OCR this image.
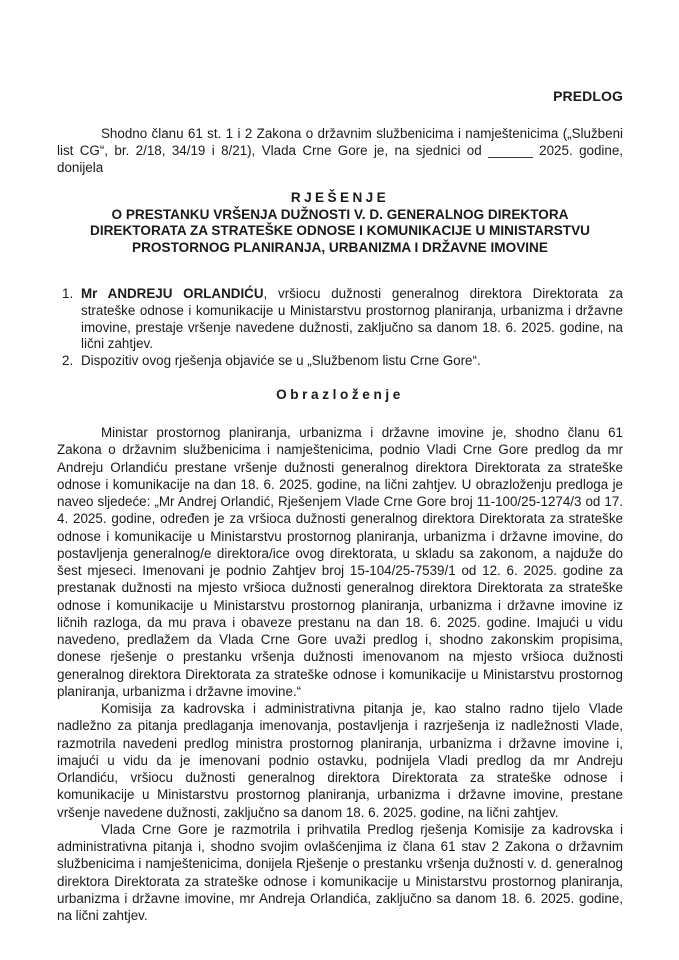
PREDLOG

Shodno članu 61 st. 1 i 2 Zakona o državnim službenicima i namještenicima („Službeni list CG“, br. 2/18, 34/19 i 8/21), Vlada Crne Gore je, na sjednici od ______ 2025. godine, donijela

RJEŠENJE
O PRESTANKU VRŠENJA DUŽNOSTI V. D. GENERALNOG DIREKTORA
DIREKTORATA ZA STRATEŠKE ODNOSE I KOMUNIKACIJE U MINISTARSTVU
PROSTORNOG PLANIRANJA, URBANIZMA I DRŽAVNE IMOVINE
1. Mr ANDREJU ORLANDIĆU, vršiocu dužnosti generalnog direktora Direktorata za strateške odnose i komunikacije u Ministarstvu prostornog planiranja, urbanizma i državne imovine, prestaje vršenje navedene dužnosti, zaključno sa danom 18. 6. 2025. godine, na lični zahtjev.
2. Dispozitiv ovog rješenja objaviće se u „Službenom listu Crne Gore“.
Obrazloženje

Ministar prostornog planiranja, urbanizma i državne imovine je, shodno članu 61 Zakona o državnim službenicima i namještenicima, podnio Vladi Crne Gore predlog da mr Andreju Orlandiću prestane vršenje dužnosti generalnog direktora Direktorata za strateške odnose i komunikacije na dan 18. 6. 2025. godine, na lični zahtjev. U obrazloženju predloga je naveo sljedeće: „Mr Andrej Orlandić, Rješenjem Vlade Crne Gore broj 11-100/25-1274/3 od 17. 4. 2025. godine, određen je za vršioca dužnosti generalnog direktora Direktorata za strateške odnose i komunikacije u Ministarstvu prostornog planiranja, urbanizma i državne imovine, do postavljenja generalnog/e direktora/ice ovog direktorata, u skladu sa zakonom, a najduže do šest mjeseci. Imenovani je podnio Zahtjev broj 15-104/25-7539/1 od 12. 6. 2025. godine za prestanak dužnosti na mjesto vršioca dužnosti generalnog direktora Direktorata za strateške odnose i komunikacije u Ministarstvu prostornog planiranja, urbanizma i državne imovine iz ličnih razloga, da mu prava i obaveze prestanu na dan 18. 6. 2025. godine. Imajući u vidu navedeno, predlažem da Vlada Crne Gore uvaži predlog i, shodno zakonskim propisima, donese rješenje o prestanku vršenja dužnosti imenovanom na mjesto vršioca dužnosti generalnog direktora Direktorata za strateške odnose i komunikacije u Ministarstvu prostornog planiranja, urbanizma i državne imovine.“

Komisija za kadrovska i administrativna pitanja je, kao stalno radno tijelo Vlade nadležno za pitanja predlaganja imenovanja, postavljenja i razrješenja iz nadležnosti Vlade, razmotrila navedeni predlog ministra prostornog planiranja, urbanizma i državne imovine i, imajući u vidu da je imenovani podnio ostavku, podnijela Vladi predlog da mr Andreju Orlandiću, vršiocu dužnosti generalnog direktora Direktorata za strateške odnose i komunikacije u Ministarstvu prostornog planiranja, urbanizma i državne imovine, prestane vršenje navedene dužnosti, zaključno sa danom 18. 6. 2025. godine, na lični zahtjev.

Vlada Crne Gore je razmotrila i prihvatila Predlog rješenja Komisije za kadrovska i administrativna pitanja i, shodno svojim ovlašćenjima iz člana 61 stav 2 Zakona o državnim službenicima i namještenicima, donijela Rješenje o prestanku vršenja dužnosti v. d. generalnog direktora Direktorata za strateške odnose i komunikacije u Ministarstvu prostornog planiranja, urbanizma i državne imovine, mr Andreja Orlandića, zaključno sa danom 18. 6. 2025. godine, na lični zahtjev.
